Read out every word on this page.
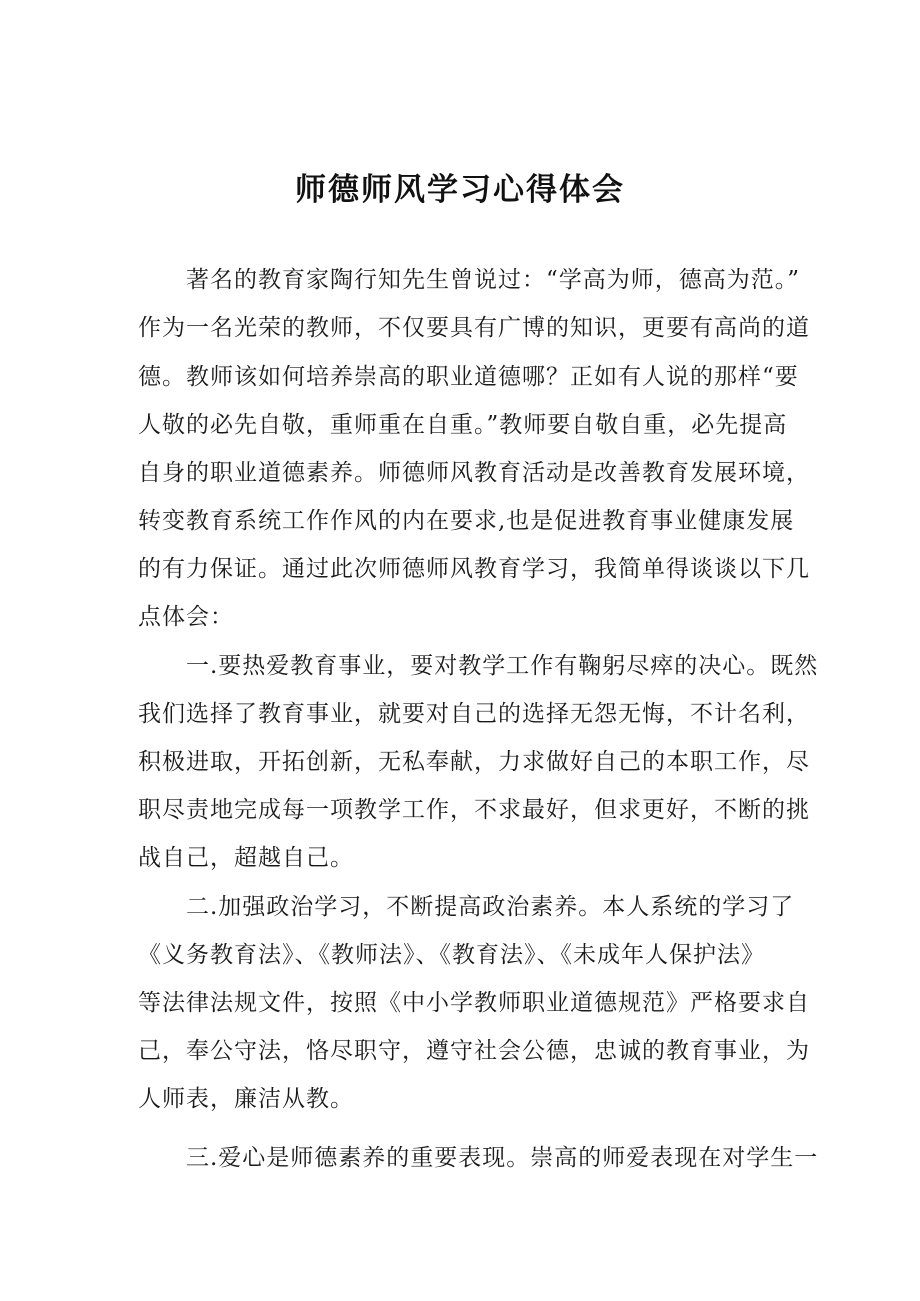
师德师风学习心得体会

著名的教育家陶行知先生曾说过：“学高为师，德高为范。”

作为一名光荣的教师，不仅要具有广博的知识，更要有高尚的道

德。教师该如何培养崇高的职业道德哪？正如有人说的那样“要

人敬的必先自敬，重师重在自重。”教师要自敬自重，必先提高

自身的职业道德素养。师德师风教育活动是改善教育发展环境，

转变教育系统工作作风的内在要求,也是促进教育事业健康发展

的有力保证。通过此次师德师风教育学习，我简单得谈谈以下几

点体会：

一.要热爱教育事业，要对教学工作有鞠躬尽瘁的决心。既然

我们选择了教育事业，就要对自己的选择无怨无悔，不计名利，

积极进取，开拓创新，无私奉献，力求做好自己的本职工作，尽

职尽责地完成每一项教学工作，不求最好，但求更好，不断的挑

战自己，超越自己。

二.加强政治学习，不断提高政治素养。本人系统的学习了

《义务教育法》、《教师法》、《教育法》、《未成年人保护法》

等法律法规文件，按照《中小学教师职业道德规范》严格要求自

己，奉公守法，恪尽职守，遵守社会公德，忠诚的教育事业，为

人师表，廉洁从教。

三.爱心是师德素养的重要表现。崇高的师爱表现在对学生一
